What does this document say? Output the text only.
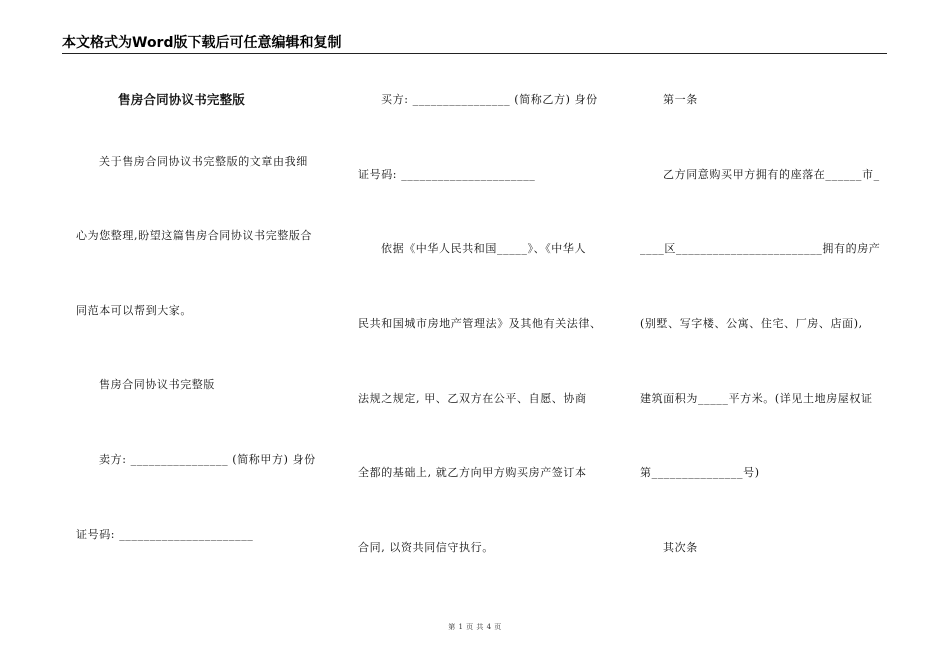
本文格式为Word版下载后可任意编辑和复制
售房合同协议书完整版
关于售房合同协议书完整版的文章由我细
心为您整理,盼望这篇售房合同协议书完整版合
同范本可以帮到大家。
售房合同协议书完整版
卖方: ________________ (简称甲方) 身份
证号码: ______________________
买方: ________________ (简称乙方) 身份
证号码: ______________________
依据《中华人民共和国_____》、《中华人
民共和国城市房地产管理法》及其他有关法律、
法规之规定, 甲、乙双方在公平、自愿、协商
全都的基础上, 就乙方向甲方购买房产签订本
合同, 以资共同信守执行。
第一条
乙方同意购买甲方拥有的座落在______市_
____区________________________拥有的房产
(别墅、写字楼、公寓、住宅、厂房、店面),
建筑面积为_____平方米。(详见土地房屋权证
第_______________号)
其次条
第 1 页 共 4 页
